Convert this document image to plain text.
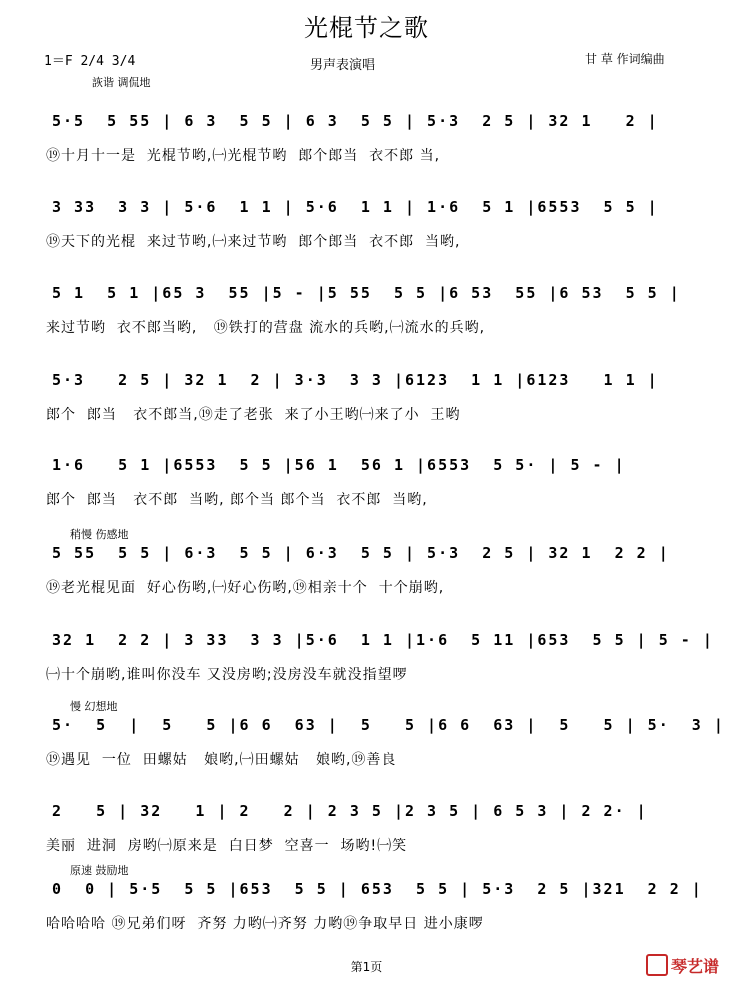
光棍节之歌
1＝F 2/4 3/4
詼谐 调侃地
男声表演唱	甘 草 作词编曲
5·5  5 55 | 6 3  5 5 | 6 3  5 5 | 5·3  2 5 | 32 1   2 |
⑲十月十一是  光棍节哟,㈠光棍节哟  郎个郎当  衣不郎 当,
3 33  3 3 | 5·6  1 1 | 5·6  1 1 | 1·6  5 1 |6553  5 5 |
⑲天下的光棍  来过节哟,㈠来过节哟  郎个郎当  衣不郎  当哟,
5 1  5 1 |65 3  55 |5 - |5 55  5 5 |6 53  55 |6 53  5 5 |
来过节哟  衣不郎当哟,   ⑲铁打的营盘 流水的兵哟,㈠流水的兵哟,
5·3   2 5 | 32 1  2 | 3·3  3 3 |6123  1 1 |6123   1 1 |
郎个  郎当   衣不郎当,⑲走了老张  来了小王哟㈠来了小  王哟
1·6   5 1 |6553  5 5 |56 1  56 1 |6553  5 5· | 5 - |
郎个  郎当   衣不郎  当哟, 郎个当 郎个当  衣不郎  当哟,
稍慢 伤感地
5 55  5 5 | 6·3  5 5 | 6·3  5 5 | 5·3  2 5 | 32 1  2 2 |
⑲老光棍见面  好心伤哟,㈠好心伤哟,⑲相亲十个  十个崩哟,
32 1  2 2 | 3 33  3 3 |5·6  1 1 |1·6  5 11 |653  5 5 | 5 - |
㈠十个崩哟,谁叫你没车 又没房哟;没房没车就没指望啰
慢 幻想地
5·  5  |  5   5 |6 6  63 |  5   5 |6 6  63 |  5   5 | 5·  3 |
⑲遇见  一位  田螺姑   娘哟,㈠田螺姑   娘哟,⑲善良
2   5 | 32   1 | 2   2 | 2 3 5 |2 3 5 | 6 5 3 | 2 2· |
美丽  进洞  房哟㈠原来是  白日梦  空喜一  场哟!㈠笑
原速 鼓励地
0  0 | 5·5  5 5 |653  5 5 | 653  5 5 | 5·3  2 5 |321  2 2 |
哈哈哈哈 ⑲兄弟们呀  齐努 力哟㈠齐努 力哟⑲争取早日 进小康啰
第1页	琴艺谱
